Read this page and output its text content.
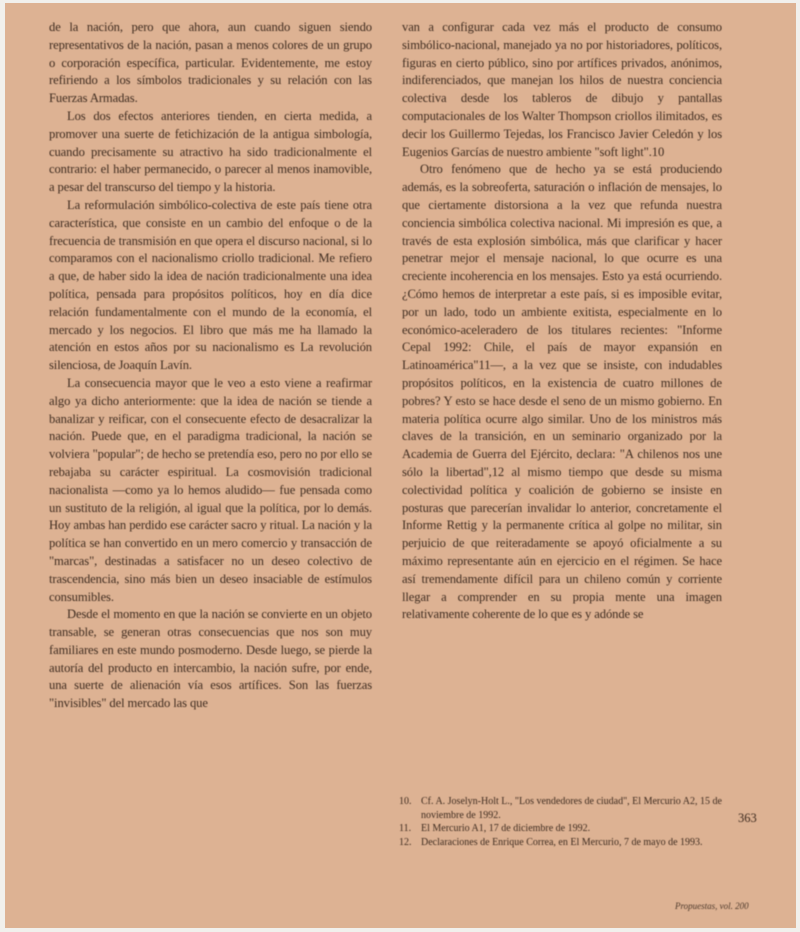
de la nación, pero que ahora, aun cuando siguen siendo representativos de la nación, pasan a menos colores de un grupo o corporación específica, particular. Evidentemente, me estoy refiriendo a los símbolos tradicionales y su relación con las Fuerzas Armadas.

Los dos efectos anteriores tienden, en cierta medida, a promover una suerte de fetichización de la antigua simbología, cuando precisamente su atractivo ha sido tradicionalmente el contrario: el haber permanecido, o parecer al menos inamovible, a pesar del transcurso del tiempo y la historia.

La reformulación simbólico-colectiva de este país tiene otra característica, que consiste en un cambio del enfoque o de la frecuencia de transmisión en que opera el discurso nacional, si lo comparamos con el nacionalismo criollo tradicional. Me refiero a que, de haber sido la idea de nación tradicionalmente una idea política, pensada para propósitos políticos, hoy en día dice relación fundamentalmente con el mundo de la economía, el mercado y los negocios. El libro que más me ha llamado la atención en estos años por su nacionalismo es La revolución silenciosa, de Joaquín Lavín.

La consecuencia mayor que le veo a esto viene a reafirmar algo ya dicho anteriormente: que la idea de nación se tiende a banalizar y reificar, con el consecuente efecto de desacralizar la nación. Puede que, en el paradigma tradicional, la nación se volviera "popular"; de hecho se pretendía eso, pero no por ello se rebajaba su carácter espiritual. La cosmovisión tradicional nacionalista —como ya lo hemos aludido— fue pensada como un sustituto de la religión, al igual que la política, por lo demás. Hoy ambas han perdido ese carácter sacro y ritual. La nación y la política se han convertido en un mero comercio y transacción de "marcas", destinadas a satisfacer no un deseo colectivo de trascendencia, sino más bien un deseo insaciable de estímulos consumibles.

Desde el momento en que la nación se convierte en un objeto transable, se generan otras consecuencias que nos son muy familiares en este mundo posmoderno. Desde luego, se pierde la autoría del producto en intercambio, la nación sufre, por ende, una suerte de alienación vía esos artífices. Son las fuerzas "invisibles" del mercado las que

van a configurar cada vez más el producto de consumo simbólico-nacional, manejado ya no por historiadores, políticos, figuras en cierto público, sino por artífices privados, anónimos, indiferenciados, que manejan los hilos de nuestra conciencia colectiva desde los tableros de dibujo y pantallas computacionales de los Walter Thompson criollos ilimitados, es decir los Guillermo Tejedas, los Francisco Javier Celedón y los Eugenios Garcías de nuestro ambiente "soft light".10

Otro fenómeno que de hecho ya se está produciendo además, es la sobreoferta, saturación o inflación de mensajes, lo que ciertamente distorsiona a la vez que refunda nuestra conciencia simbólica colectiva nacional. Mi impresión es que, a través de esta explosión simbólica, más que clarificar y hacer penetrar mejor el mensaje nacional, lo que ocurre es una creciente incoherencia en los mensajes. Esto ya está ocurriendo. ¿Cómo hemos de interpretar a este país, si es imposible evitar, por un lado, todo un ambiente exitista, especialmente en lo económico-aceleradero de los titulares recientes: "Informe Cepal 1992: Chile, el país de mayor expansión en Latinoamérica"11—, a la vez que se insiste, con indudables propósitos políticos, en la existencia de cuatro millones de pobres? Y esto se hace desde el seno de un mismo gobierno. En materia política ocurre algo similar. Uno de los ministros más claves de la transición, en un seminario organizado por la Academia de Guerra del Ejército, declara: "A chilenos nos une sólo la libertad",12 al mismo tiempo que desde su misma colectividad política y coalición de gobierno se insiste en posturas que parecerían invalidar lo anterior, concretamente el Informe Rettig y la permanente crítica al golpe no militar, sin perjuicio de que reiteradamente se apoyó oficialmente a su máximo representante aún en ejercicio en el régimen. Se hace así tremendamente difícil para un chileno común y corriente llegar a comprender en su propia mente una imagen relativamente coherente de lo que es y adónde se

10. Cf. A. Joselyn-Holt L., "Los vendedores de ciudad", El Mercurio A2, 15 de noviembre de 1992.
11. El Mercurio A1, 17 de diciembre de 1992.
12. Declaraciones de Enrique Correa, en El Mercurio, 7 de mayo de 1993.
363
Propuestas, vol. 200
